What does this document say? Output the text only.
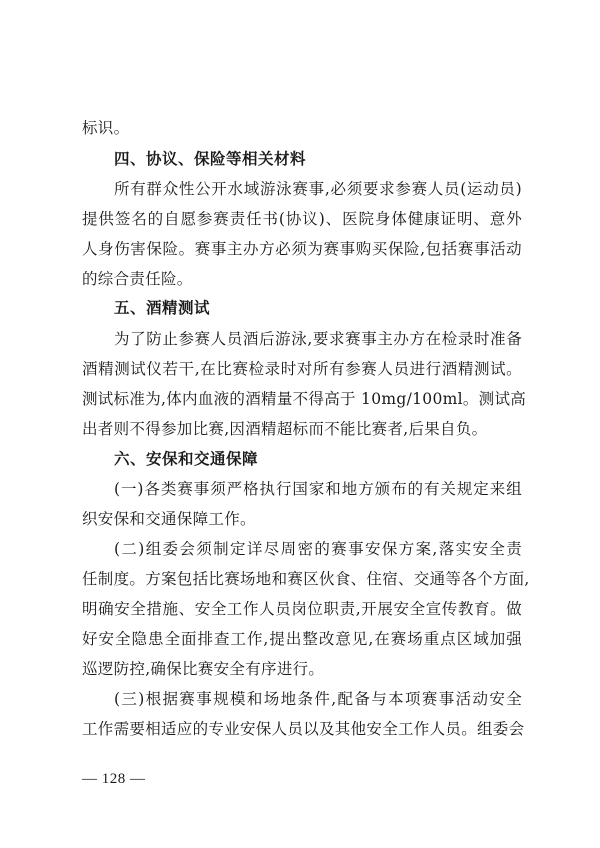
标识。
四、协议、保险等相关材料
所有群众性公开水域游泳赛事,必须要求参赛人员(运动员)
提供签名的自愿参赛责任书(协议)、医院身体健康证明、意外
人身伤害保险。赛事主办方必须为赛事购买保险,包括赛事活动
的综合责任险。
五、酒精测试
为了防止参赛人员酒后游泳,要求赛事主办方在检录时准备
酒精测试仪若干,在比赛检录时对所有参赛人员进行酒精测试。
测试标准为,体内血液的酒精量不得高于 10mg/100ml。测试高
出者则不得参加比赛,因酒精超标而不能比赛者,后果自负。
六、安保和交通保障
(一)各类赛事须严格执行国家和地方颁布的有关规定来组
织安保和交通保障工作。
(二)组委会须制定详尽周密的赛事安保方案,落实安全责
任制度。方案包括比赛场地和赛区伙食、住宿、交通等各个方面,
明确安全措施、安全工作人员岗位职责,开展安全宣传教育。做
好安全隐患全面排查工作,提出整改意见,在赛场重点区域加强
巡逻防控,确保比赛安全有序进行。
(三)根据赛事规模和场地条件,配备与本项赛事活动安全
工作需要相适应的专业安保人员以及其他安全工作人员。组委会
— 128 —
